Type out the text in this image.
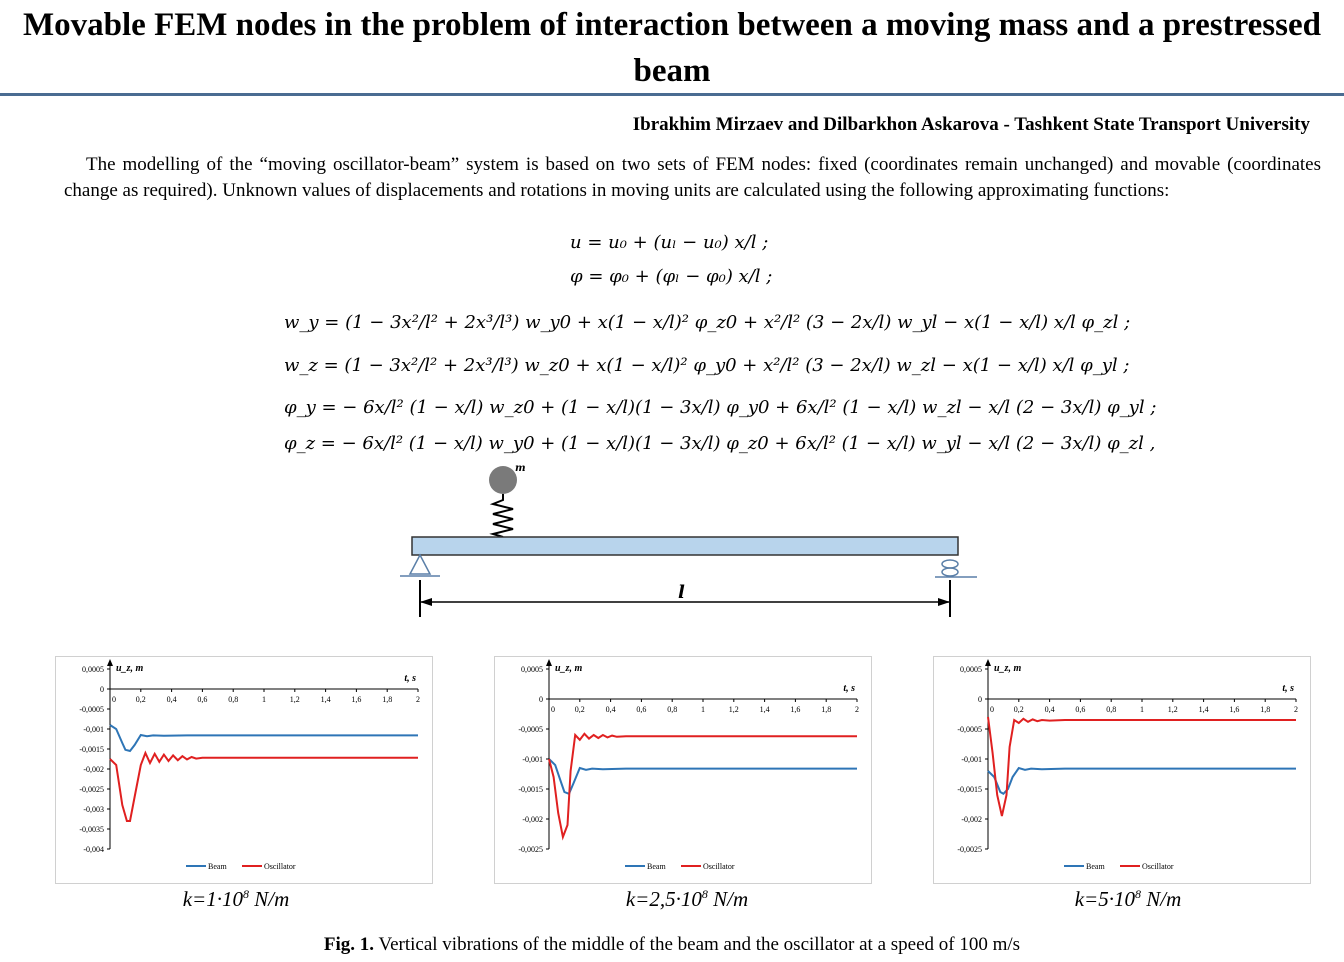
Movable FEM nodes in the problem of interaction between a moving mass and a prestressed beam
Ibrakhim Mirzaev and Dilbarkhon Askarova - Tashkent State Transport University
The modelling of the “moving oscillator-beam” system is based on two sets of FEM nodes: fixed (coordinates remain unchanged) and movable (coordinates change as required). Unknown values of displacements and rotations in moving units are calculated using the following approximating functions:
u = u₀ + (uₗ − u₀) x/l ;
φ = φ₀ + (φₗ − φ₀) x/l ;
w_y = (1 − 3x²/l² + 2x³/l³) w_y0 + x(1 − x/l)² φ_z0 + x²/l² (3 − 2x/l) w_yl − x(1 − x/l) x/l φ_zl ;
w_z = (1 − 3x²/l² + 2x³/l³) w_z0 + x(1 − x/l)² φ_y0 + x²/l² (3 − 2x/l) w_zl − x(1 − x/l) x/l φ_yl ;
φ_y = − 6x/l² (1 − x/l) w_z0 + (1 − x/l)(1 − 3x/l) φ_y0 + 6x/l² (1 − x/l) w_zl − x/l (2 − 3x/l) φ_yl ;
φ_z = − 6x/l² (1 − x/l) w_y0 + (1 − x/l)(1 − 3x/l) φ_z0 + 6x/l² (1 − x/l) w_yl − x/l (2 − 3x/l) φ_zl ,
m
l
0,0005
0
-0,0005
-0,001
-0,0015
-0,002
-0,0025
-0,003
-0,0035
-0,004
0,2	0,4	0,6	0,8	1	1,2	1,4	1,6	1,8	2
0
u_z, m
t, s
Beam	Oscillator
0,0005
0
-0,0005
-0,001
-0,0015
-0,002
-0,0025
0,2	0,4	0,6	0,8	1	1,2	1,4	1,6	1,8	2
0
u_z, m
t, s
Beam	Oscillator
0,0005
0
-0,0005
-0,001
-0,0015
-0,002
-0,0025
0,2	0,4	0,6	0,8	1	1,2	1,4	1,6	1,8	2
0
u_z, m
t, s
Beam	Oscillator
$k=1\cdot 10^8$ N/m	$k=2,5\cdot 10^8$ N/m	$k=5\cdot 10^8$ N/m
Fig. 1. Vertical vibrations of the middle of the beam and the oscillator at a speed of 100 m/s
